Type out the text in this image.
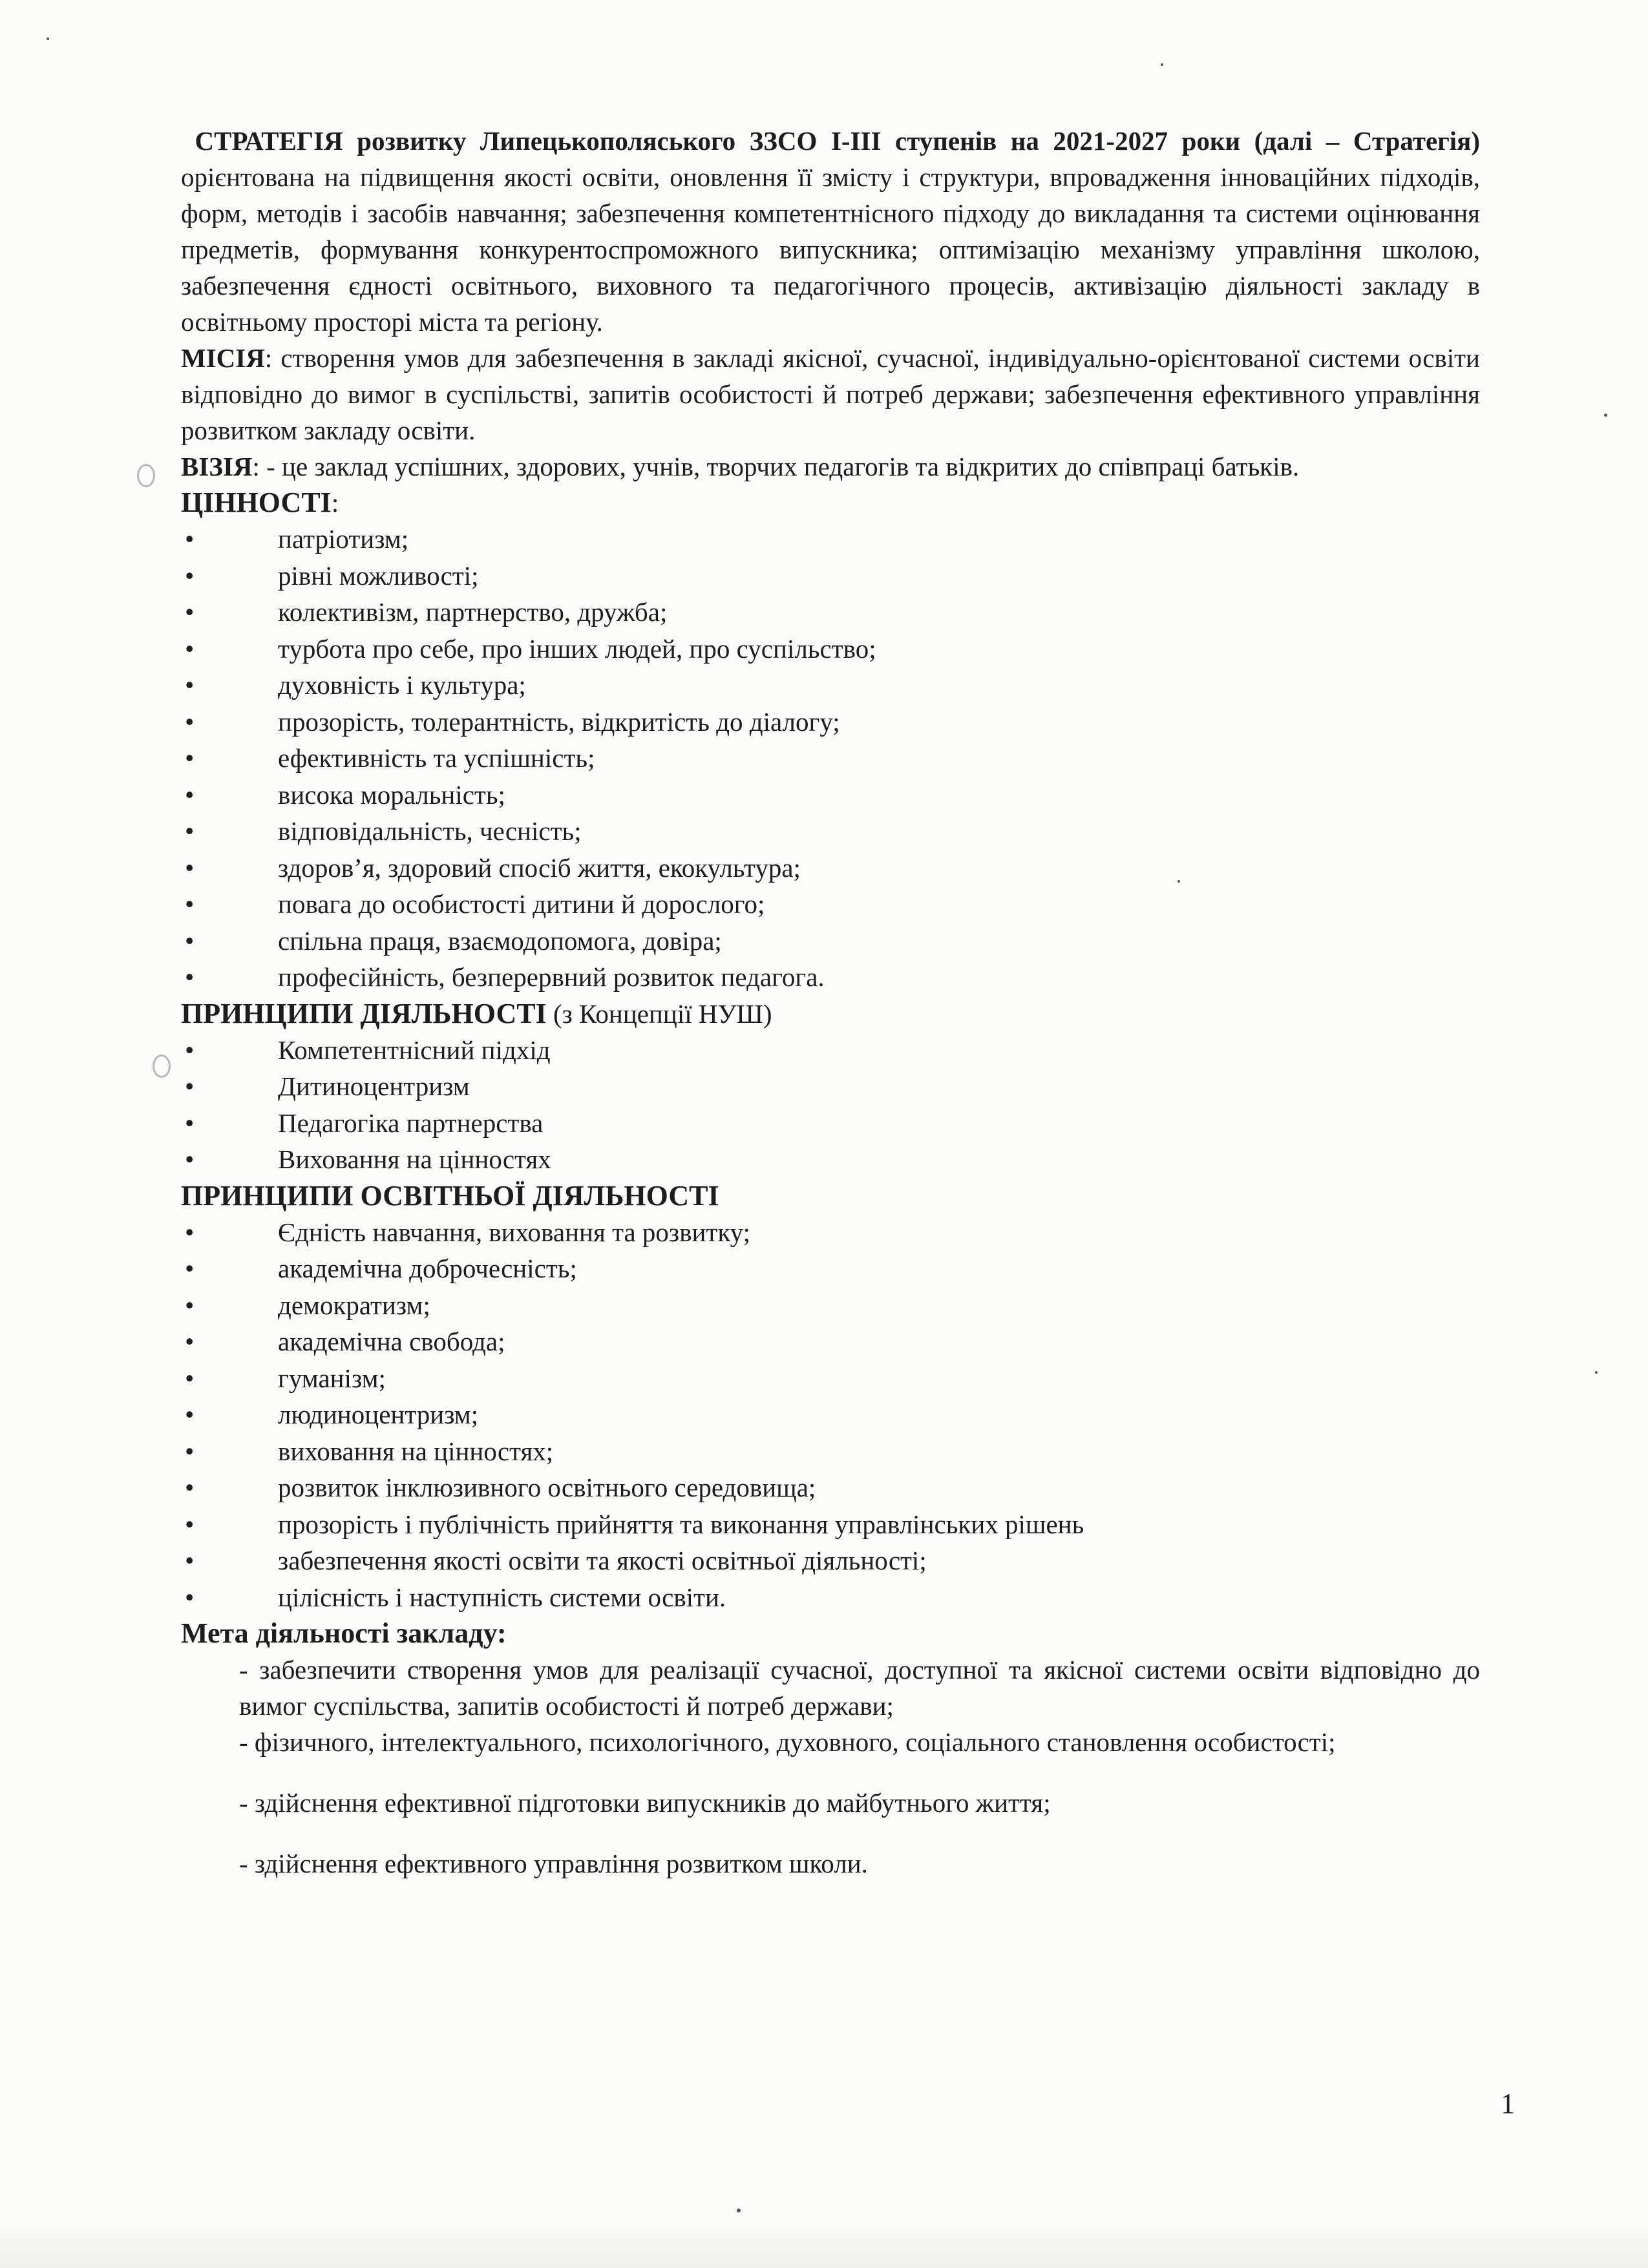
СТРАТЕГІЯ розвитку Липецькополяського ЗЗСО І-ІІІ ступенів на 2021-2027 роки (далі – Стратегія) орієнтована на підвищення якості освіти, оновлення її змісту і структури, впровадження інноваційних підходів, форм, методів і засобів навчання; забезпечення компетентнісного підходу до викладання та системи оцінювання предметів, формування конкурентоспроможного випускника; оптимізацію механізму управління школою, забезпечення єдності освітнього, виховного та педагогічного процесів, активізацію діяльності закладу в освітньому просторі міста та регіону.

МІСІЯ: створення умов для забезпечення в закладі якісної, сучасної, індивідуально-орієнтованої системи освіти відповідно до вимог в суспільстві, запитів особистості й потреб держави; забезпечення ефективного управління розвитком закладу освіти.

ВІЗІЯ: - це заклад успішних, здорових, учнів, творчих педагогів та відкритих до співпраці батьків.

ЦІННОСТІ:

• патріотизм;
• рівні можливості;
• колективізм, партнерство, дружба;
• турбота про себе, про інших людей, про суспільство;
• духовність і культура;
• прозорість, толерантність, відкритість до діалогу;
• ефективність та успішність;
• висока моральність;
• відповідальність, чесність;
• здоров’я, здоровий спосіб життя, екокультура;
• повага до особистості дитини й дорослого;
• спільна праця, взаємодопомога, довіра;
• професійність, безперервний розвиток педагога.

ПРИНЦИПИ ДІЯЛЬНОСТІ (з Концепції НУШ)

• Компетентнісний підхід
• Дитиноцентризм
• Педагогіка партнерства
• Виховання на цінностях

ПРИНЦИПИ ОСВІТНЬОЇ ДІЯЛЬНОСТІ

• Єдність навчання, виховання та розвитку;
• академічна доброчесність;
• демократизм;
• академічна свобода;
• гуманізм;
• людиноцентризм;
• виховання на цінностях;
• розвиток інклюзивного освітнього середовища;
• прозорість і публічність прийняття та виконання управлінських рішень
• забезпечення якості освіти та якості освітньої діяльності;
• цілісність і наступність системи освіти.

Мета діяльності закладу:

- забезпечити створення умов для реалізації сучасної, доступної та якісної системи освіти відповідно до вимог суспільства, запитів особистості й потреб держави;

- фізичного, інтелектуального, психологічного, духовного, соціального становлення особистості;

- здійснення ефективної підготовки випускників до майбутнього життя;

- здійснення ефективного управління розвитком школи.

1
